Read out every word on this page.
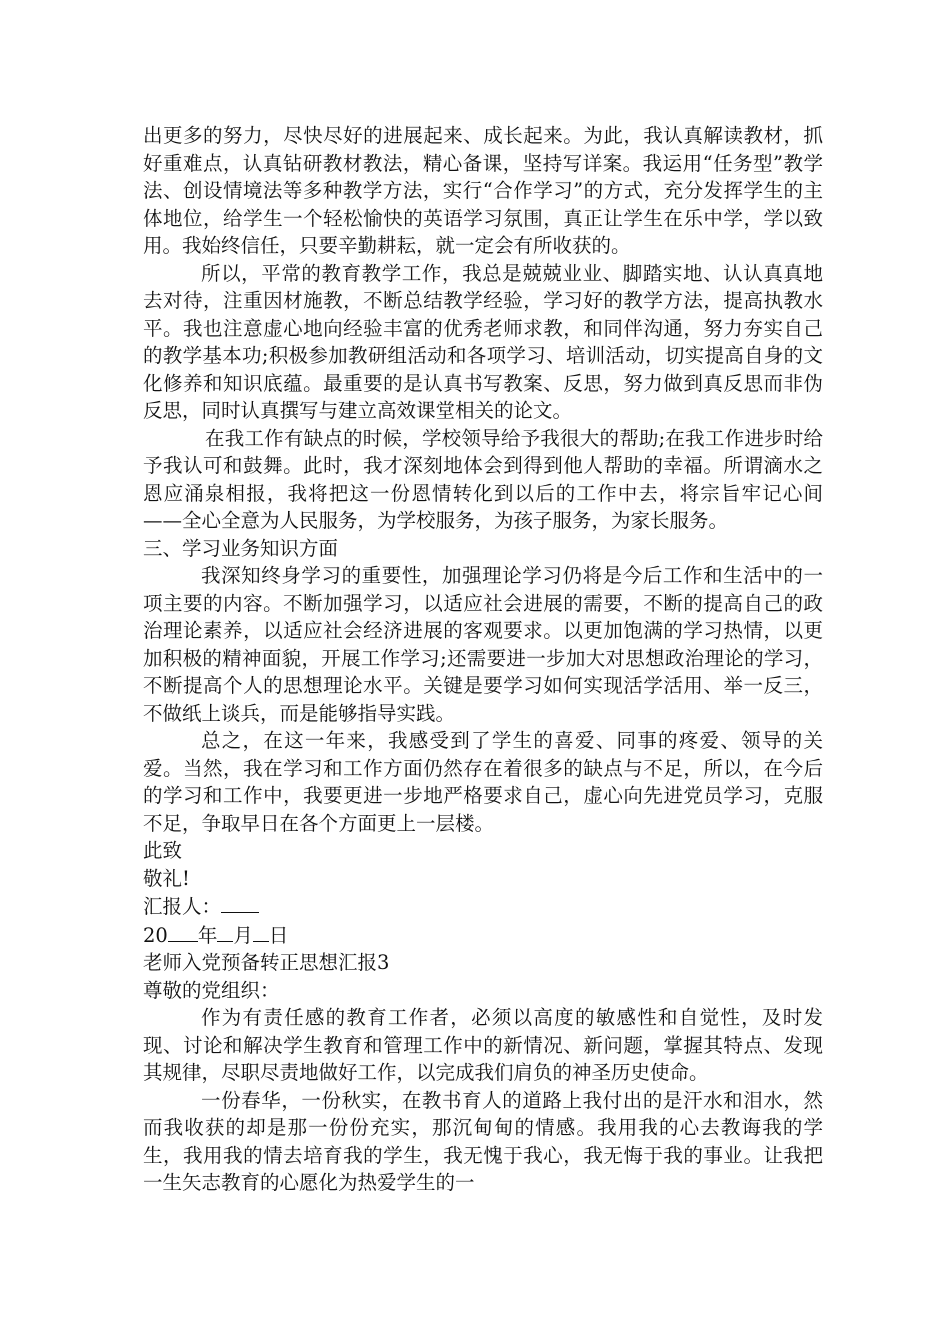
出更多的努力，尽快尽好的进展起来、成长起来。为此，我认真解读教材，抓好重难点，认真钻研教材教法，精心备课，坚持写详案。我运用“任务型”教学法、创设情境法等多种教学方法，实行“合作学习”的方式，充分发挥学生的主体地位，给学生一个轻松愉快的英语学习氛围，真正让学生在乐中学，学以致用。我始终信任，只要辛勤耕耘，就一定会有所收获的。

所以，平常的教育教学工作，我总是兢兢业业、脚踏实地、认认真真地去对待，注重因材施教，不断总结教学经验，学习好的教学方法，提高执教水平。我也注意虚心地向经验丰富的优秀老师求教，和同伴沟通，努力夯实自己的教学基本功;积极参加教研组活动和各项学习、培训活动，切实提高自身的文化修养和知识底蕴。最重要的是认真书写教案、反思，努力做到真反思而非伪反思，同时认真撰写与建立高效课堂相关的论文。

在我工作有缺点的时候，学校领导给予我很大的帮助;在我工作进步时给予我认可和鼓舞。此时，我才深刻地体会到得到他人帮助的幸福。所谓滴水之恩应涌泉相报，我将把这一份恩情转化到以后的工作中去，将宗旨牢记心间——全心全意为人民服务，为学校服务，为孩子服务，为家长服务。

三、学习业务知识方面

我深知终身学习的重要性，加强理论学习仍将是今后工作和生活中的一项主要的内容。不断加强学习，以适应社会进展的需要，不断的提高自己的政治理论素养，以适应社会经济进展的客观要求。以更加饱满的学习热情，以更加积极的精神面貌，开展工作学习;还需要进一步加大对思想政治理论的学习，不断提高个人的思想理论水平。关键是要学习如何实现活学活用、举一反三，不做纸上谈兵，而是能够指导实践。

总之，在这一年来，我感受到了学生的喜爱、同事的疼爱、领导的关爱。当然，我在学习和工作方面仍然存在着很多的缺点与不足，所以，在今后的学习和工作中，我要更进一步地严格要求自己，虚心向先进党员学习，克服不足，争取早日在各个方面更上一层楼。

此致

敬礼!

汇报人：

20 年 月 日

老师入党预备转正思想汇报3

尊敬的党组织：

作为有责任感的教育工作者，必须以高度的敏感性和自觉性，及时发现、讨论和解决学生教育和管理工作中的新情况、新问题，掌握其特点、发现其规律，尽职尽责地做好工作，以完成我们肩负的神圣历史使命。

一份春华，一份秋实，在教书育人的道路上我付出的是汗水和泪水，然而我收获的却是那一份份充实，那沉甸甸的情感。我用我的心去教诲我的学生，我用我的情去培育我的学生，我无愧于我心，我无悔于我的事业。让我把一生矢志教育的心愿化为热爱学生的一
